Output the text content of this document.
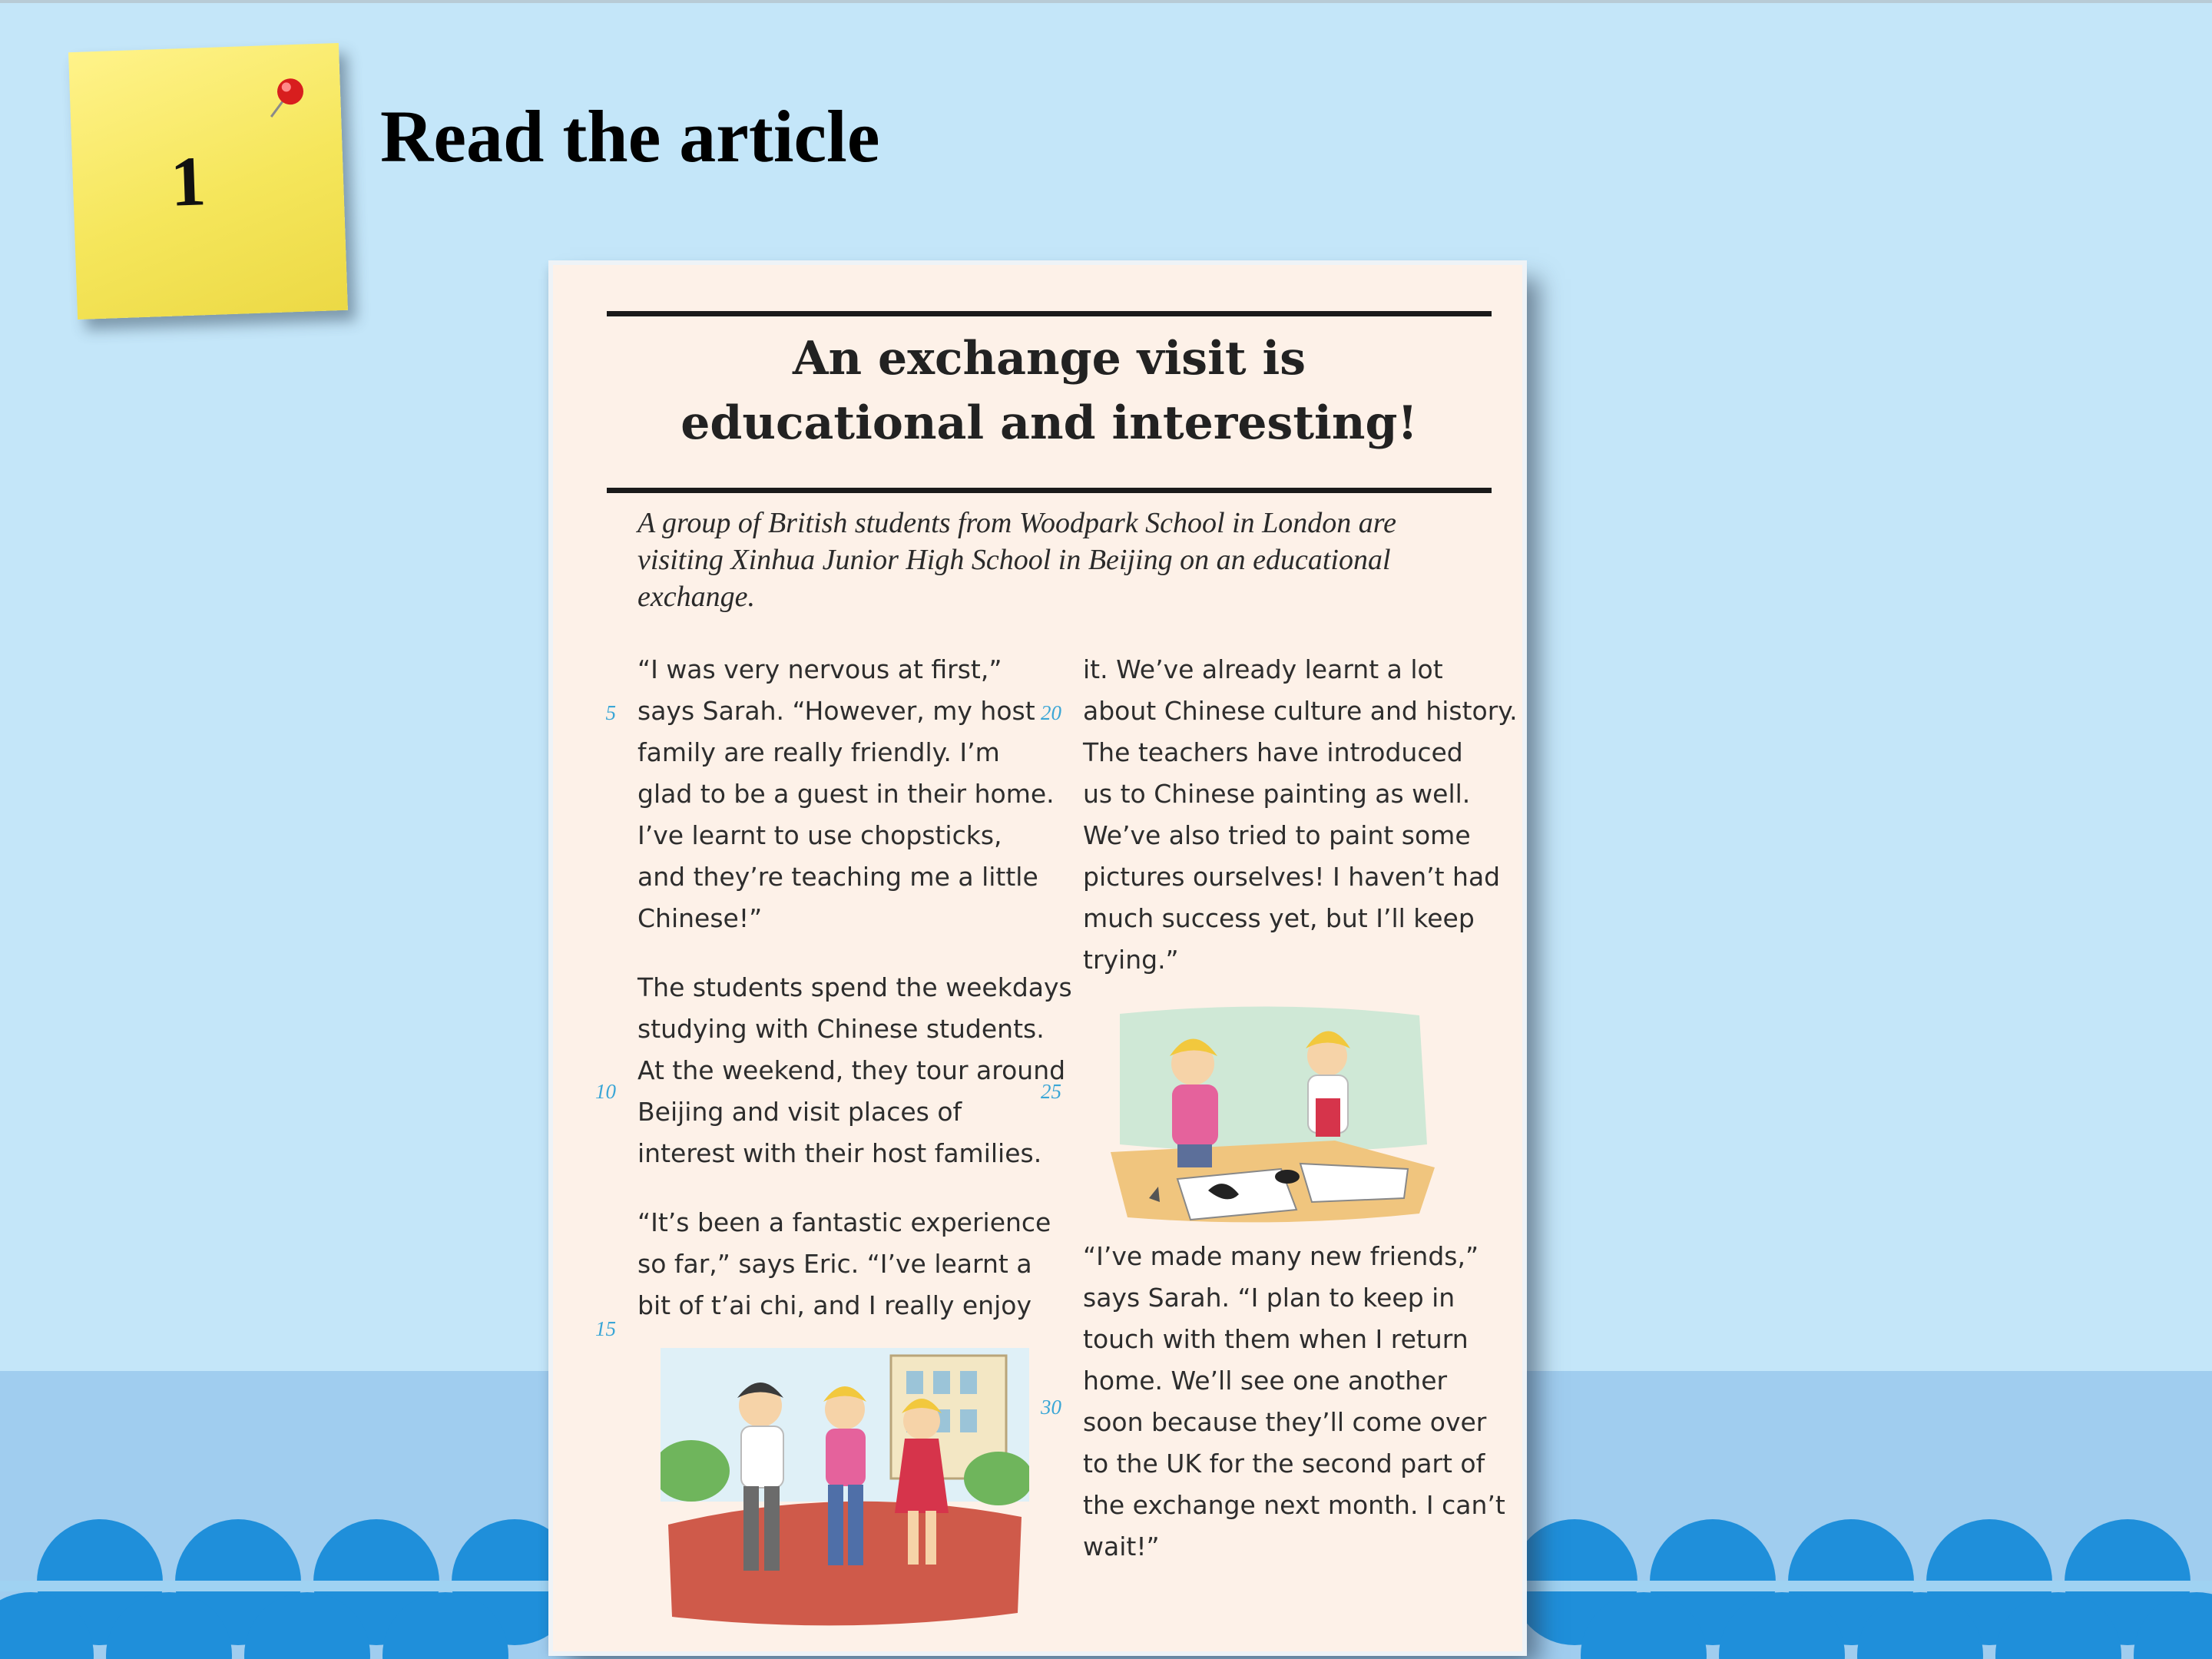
1
Read the article
An exchange visit is
educational and interesting!

A group of British students from Woodpark School in London are visiting Xinhua Junior High School in Beijing on an educational exchange.

“I was very nervous at first,”
says Sarah. “However, my host
family are really friendly. I’m
glad to be a guest in their home.
I’ve learnt to use chopsticks,
and they’re teaching me a little
Chinese!”
The students spend the weekdays
studying with Chinese students.
At the weekend, they tour around
Beijing and visit places of
interest with their host families.
“It’s been a fantastic experience
so far,” says Eric. “I’ve learnt a
bit of t’ai chi, and I really enjoy
it. We’ve already learnt a lot
about Chinese culture and history.
The teachers have introduced
us to Chinese painting as well.
We’ve also tried to paint some
pictures ourselves! I haven’t had
much success yet, but I’ll keep
trying.”
“I’ve made many new friends,”
says Sarah. “I plan to keep in
touch with them when I return
home. We’ll see one another
soon because they’ll come over
to the UK for the second part of
the exchange next month. I can’t
wait!”
5
10
15
20
25
30
